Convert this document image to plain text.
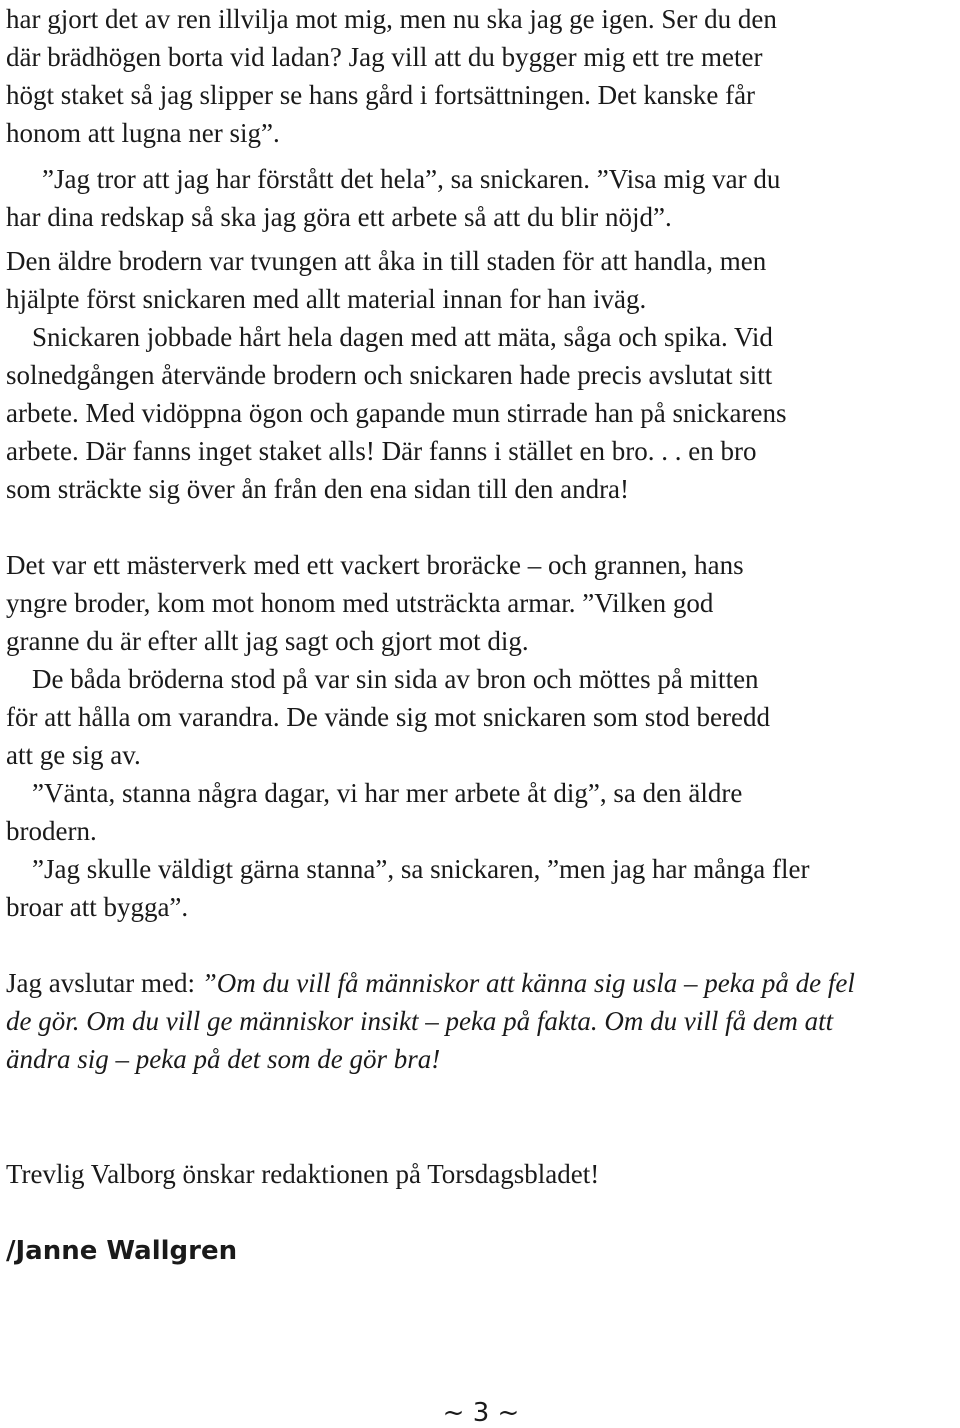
har gjort det av ren illvilja mot mig, men nu ska jag ge igen. Ser du den
där brädhögen borta vid ladan? Jag vill att du bygger mig ett tre meter
högt staket så jag slipper se hans gård i fortsättningen. Det kanske får
honom att lugna ner sig”.
”Jag tror att jag har förstått det hela”, sa snickaren. ”Visa mig var du
har dina redskap så ska jag göra ett arbete så att du blir nöjd”.
Den äldre brodern var tvungen att åka in till staden för att handla, men
hjälpte först snickaren med allt material innan for han iväg.
Snickaren jobbade hårt hela dagen med att mäta, såga och spika. Vid
solnedgången återvände brodern och snickaren hade precis avslutat sitt
arbete. Med vidöppna ögon och gapande mun stirrade han på snickarens
arbete. Där fanns inget staket alls! Där fanns i stället en bro. . . en bro
som sträckte sig över ån från den ena sidan till den andra!
Det var ett mästerverk med ett vackert broräcke – och grannen, hans
yngre broder, kom mot honom med utsträckta armar. ”Vilken god
granne du är efter allt jag sagt och gjort mot dig.
De båda bröderna stod på var sin sida av bron och möttes på mitten
för att hålla om varandra. De vände sig mot snickaren som stod beredd
att ge sig av.
”Vänta, stanna några dagar, vi har mer arbete åt dig”, sa den äldre
brodern.
”Jag skulle väldigt gärna stanna”, sa snickaren, ”men jag har många fler
broar att bygga”.
Jag avslutar med: ”Om du vill få människor att känna sig usla – peka på de fel
de gör. Om du vill ge människor insikt – peka på fakta. Om du vill få dem att
ändra sig – peka på det som de gör bra!
Trevlig Valborg önskar redaktionen på Torsdagsbladet!
/Janne Wallgren
~ 3 ~
